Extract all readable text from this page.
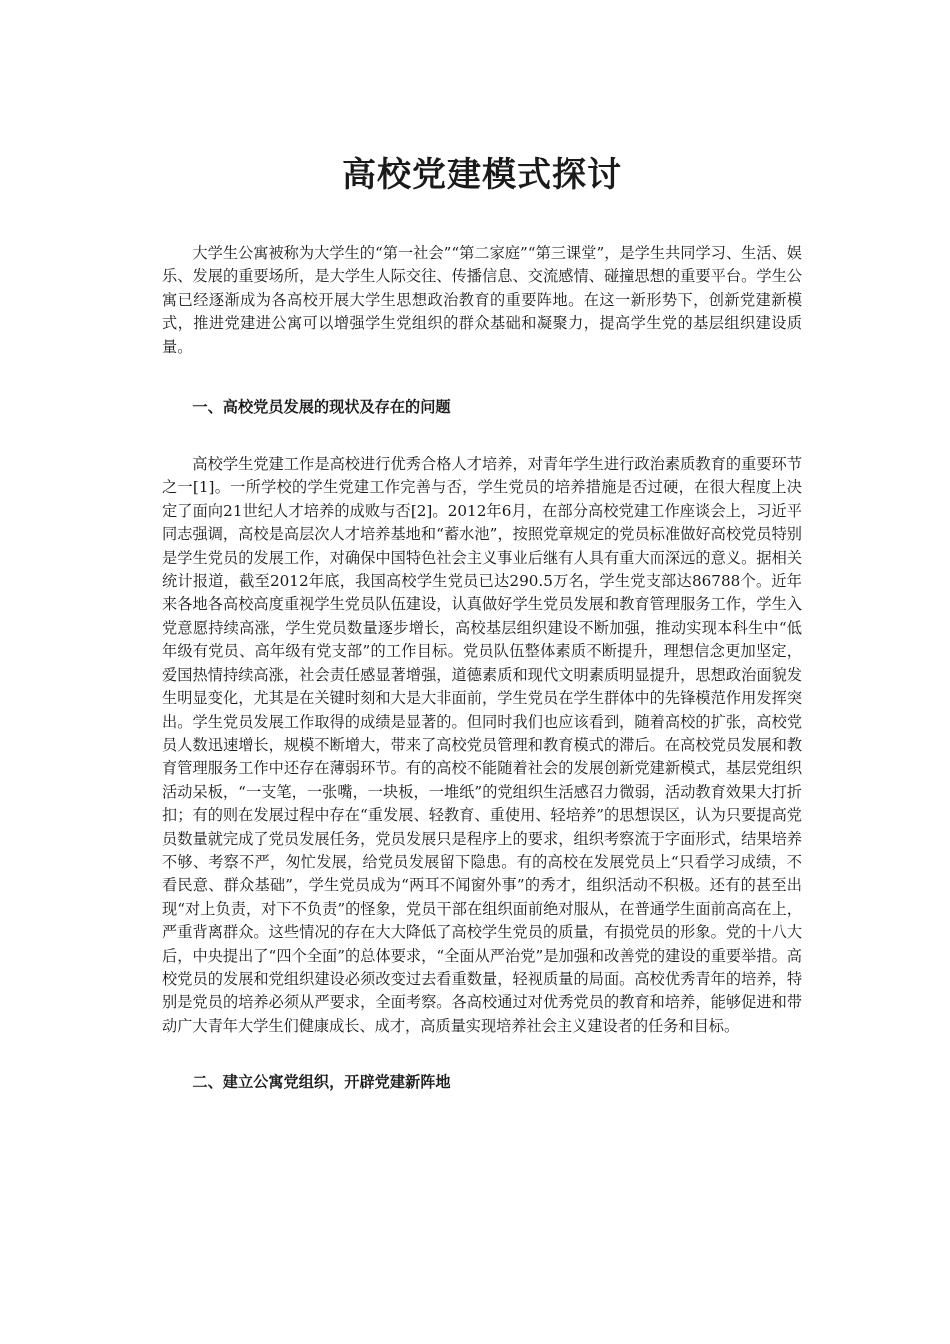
高校党建模式探讨

大学生公寓被称为大学生的“第一社会”“第二家庭”“第三课堂”，是学生共同学习、生活、娱乐、发展的重要场所，是大学生人际交往、传播信息、交流感情、碰撞思想的重要平台。学生公寓已经逐渐成为各高校开展大学生思想政治教育的重要阵地。在这一新形势下，创新党建新模式，推进党建进公寓可以增强学生党组织的群众基础和凝聚力，提高学生党的基层组织建设质量。

一、高校党员发展的现状及存在的问题

高校学生党建工作是高校进行优秀合格人才培养，对青年学生进行政治素质教育的重要环节之一[1]。一所学校的学生党建工作完善与否，学生党员的培养措施是否过硬，在很大程度上决定了面向21世纪人才培养的成败与否[2]。2012年6月，在部分高校党建工作座谈会上，习近平同志强调，高校是高层次人才培养基地和“蓄水池”，按照党章规定的党员标准做好高校党员特别是学生党员的发展工作，对确保中国特色社会主义事业后继有人具有重大而深远的意义。据相关统计报道，截至2012年底，我国高校学生党员已达290.5万名，学生党支部达86788个。近年来各地各高校高度重视学生党员队伍建设，认真做好学生党员发展和教育管理服务工作，学生入党意愿持续高涨，学生党员数量逐步增长，高校基层组织建设不断加强，推动实现本科生中“低年级有党员、高年级有党支部”的工作目标。党员队伍整体素质不断提升，理想信念更加坚定，爱国热情持续高涨，社会责任感显著增强，道德素质和现代文明素质明显提升，思想政治面貌发生明显变化，尤其是在关键时刻和大是大非面前，学生党员在学生群体中的先锋模范作用发挥突出。学生党员发展工作取得的成绩是显著的。但同时我们也应该看到，随着高校的扩张，高校党员人数迅速增长，规模不断增大，带来了高校党员管理和教育模式的滞后。在高校党员发展和教育管理服务工作中还存在薄弱环节。有的高校不能随着社会的发展创新党建新模式，基层党组织活动呆板，“一支笔，一张嘴，一块板，一堆纸”的党组织生活感召力微弱，活动教育效果大打折扣；有的则在发展过程中存在“重发展、轻教育、重使用、轻培养”的思想误区，认为只要提高党员数量就完成了党员发展任务，党员发展只是程序上的要求，组织考察流于字面形式，结果培养不够、考察不严，匆忙发展，给党员发展留下隐患。有的高校在发展党员上“只看学习成绩，不看民意、群众基础”，学生党员成为“两耳不闻窗外事”的秀才，组织活动不积极。还有的甚至出现“对上负责，对下不负责”的怪象，党员干部在组织面前绝对服从，在普通学生面前高高在上，严重背离群众。这些情况的存在大大降低了高校学生党员的质量，有损党员的形象。党的十八大后，中央提出了“四个全面”的总体要求，“全面从严治党”是加强和改善党的建设的重要举措。高校党员的发展和党组织建设必须改变过去看重数量，轻视质量的局面。高校优秀青年的培养，特别是党员的培养必须从严要求，全面考察。各高校通过对优秀党员的教育和培养，能够促进和带动广大青年大学生们健康成长、成才，高质量实现培养社会主义建设者的任务和目标。

二、建立公寓党组织，开辟党建新阵地
